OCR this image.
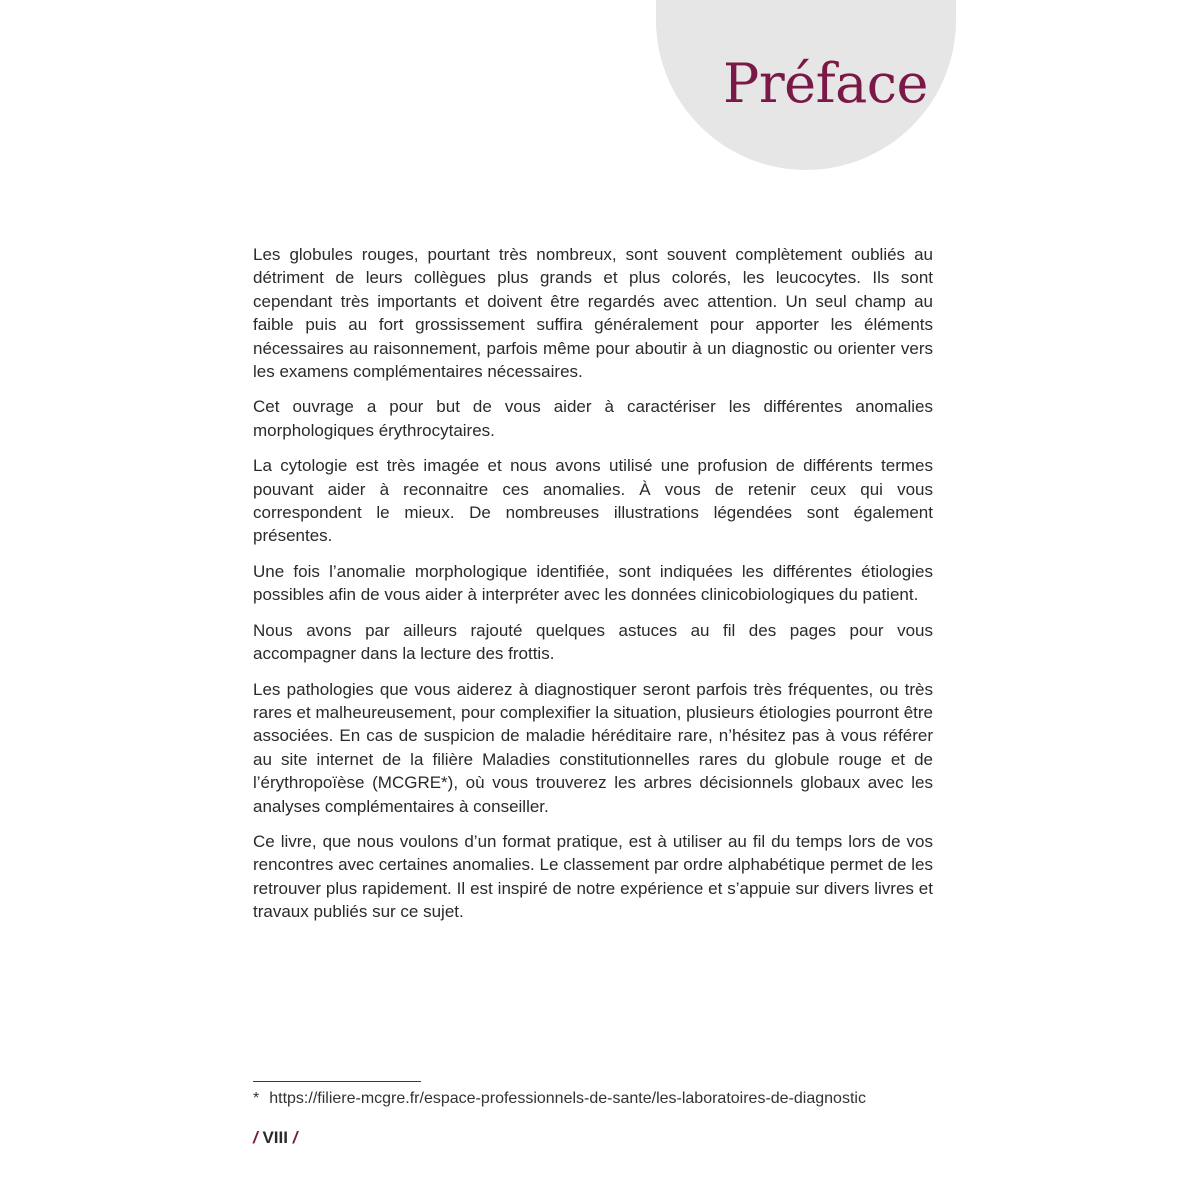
Préface

Les globules rouges, pourtant très nombreux, sont souvent complètement oubliés au détriment de leurs collègues plus grands et plus colorés, les leucocytes. Ils sont cependant très importants et doivent être regardés avec attention. Un seul champ au faible puis au fort grossissement suffira généralement pour apporter les éléments nécessaires au raisonnement, parfois même pour aboutir à un diagnostic ou orienter vers les examens complémentaires nécessaires.

Cet ouvrage a pour but de vous aider à caractériser les différentes anomalies morphologiques érythrocytaires.

La cytologie est très imagée et nous avons utilisé une profusion de différents termes pouvant aider à reconnaitre ces anomalies. À vous de retenir ceux qui vous correspondent le mieux. De nombreuses illustrations légendées sont également présentes.

Une fois l’anomalie morphologique identifiée, sont indiquées les différentes étiologies possibles afin de vous aider à interpréter avec les données clinicobiologiques du patient.

Nous avons par ailleurs rajouté quelques astuces au fil des pages pour vous accompagner dans la lecture des frottis.

Les pathologies que vous aiderez à diagnostiquer seront parfois très fréquentes, ou très rares et malheureusement, pour complexifier la situation, plusieurs étiologies pourront être associées. En cas de suspicion de maladie héréditaire rare, n’hésitez pas à vous référer au site internet de la filière Maladies constitutionnelles rares du globule rouge et de l’érythropoïèse (MCGRE*), où vous trouverez les arbres décisionnels globaux avec les analyses complémentaires à conseiller.

Ce livre, que nous voulons d’un format pratique, est à utiliser au fil du temps lors de vos rencontres avec certaines anomalies. Le classement par ordre alphabétique permet de les retrouver plus rapidement. Il est inspiré de notre expérience et s’appuie sur divers livres et travaux publiés sur ce sujet.

* https://filiere-mcgre.fr/espace-professionnels-de-sante/les-laboratoires-de-diagnostic
/ VIII /
